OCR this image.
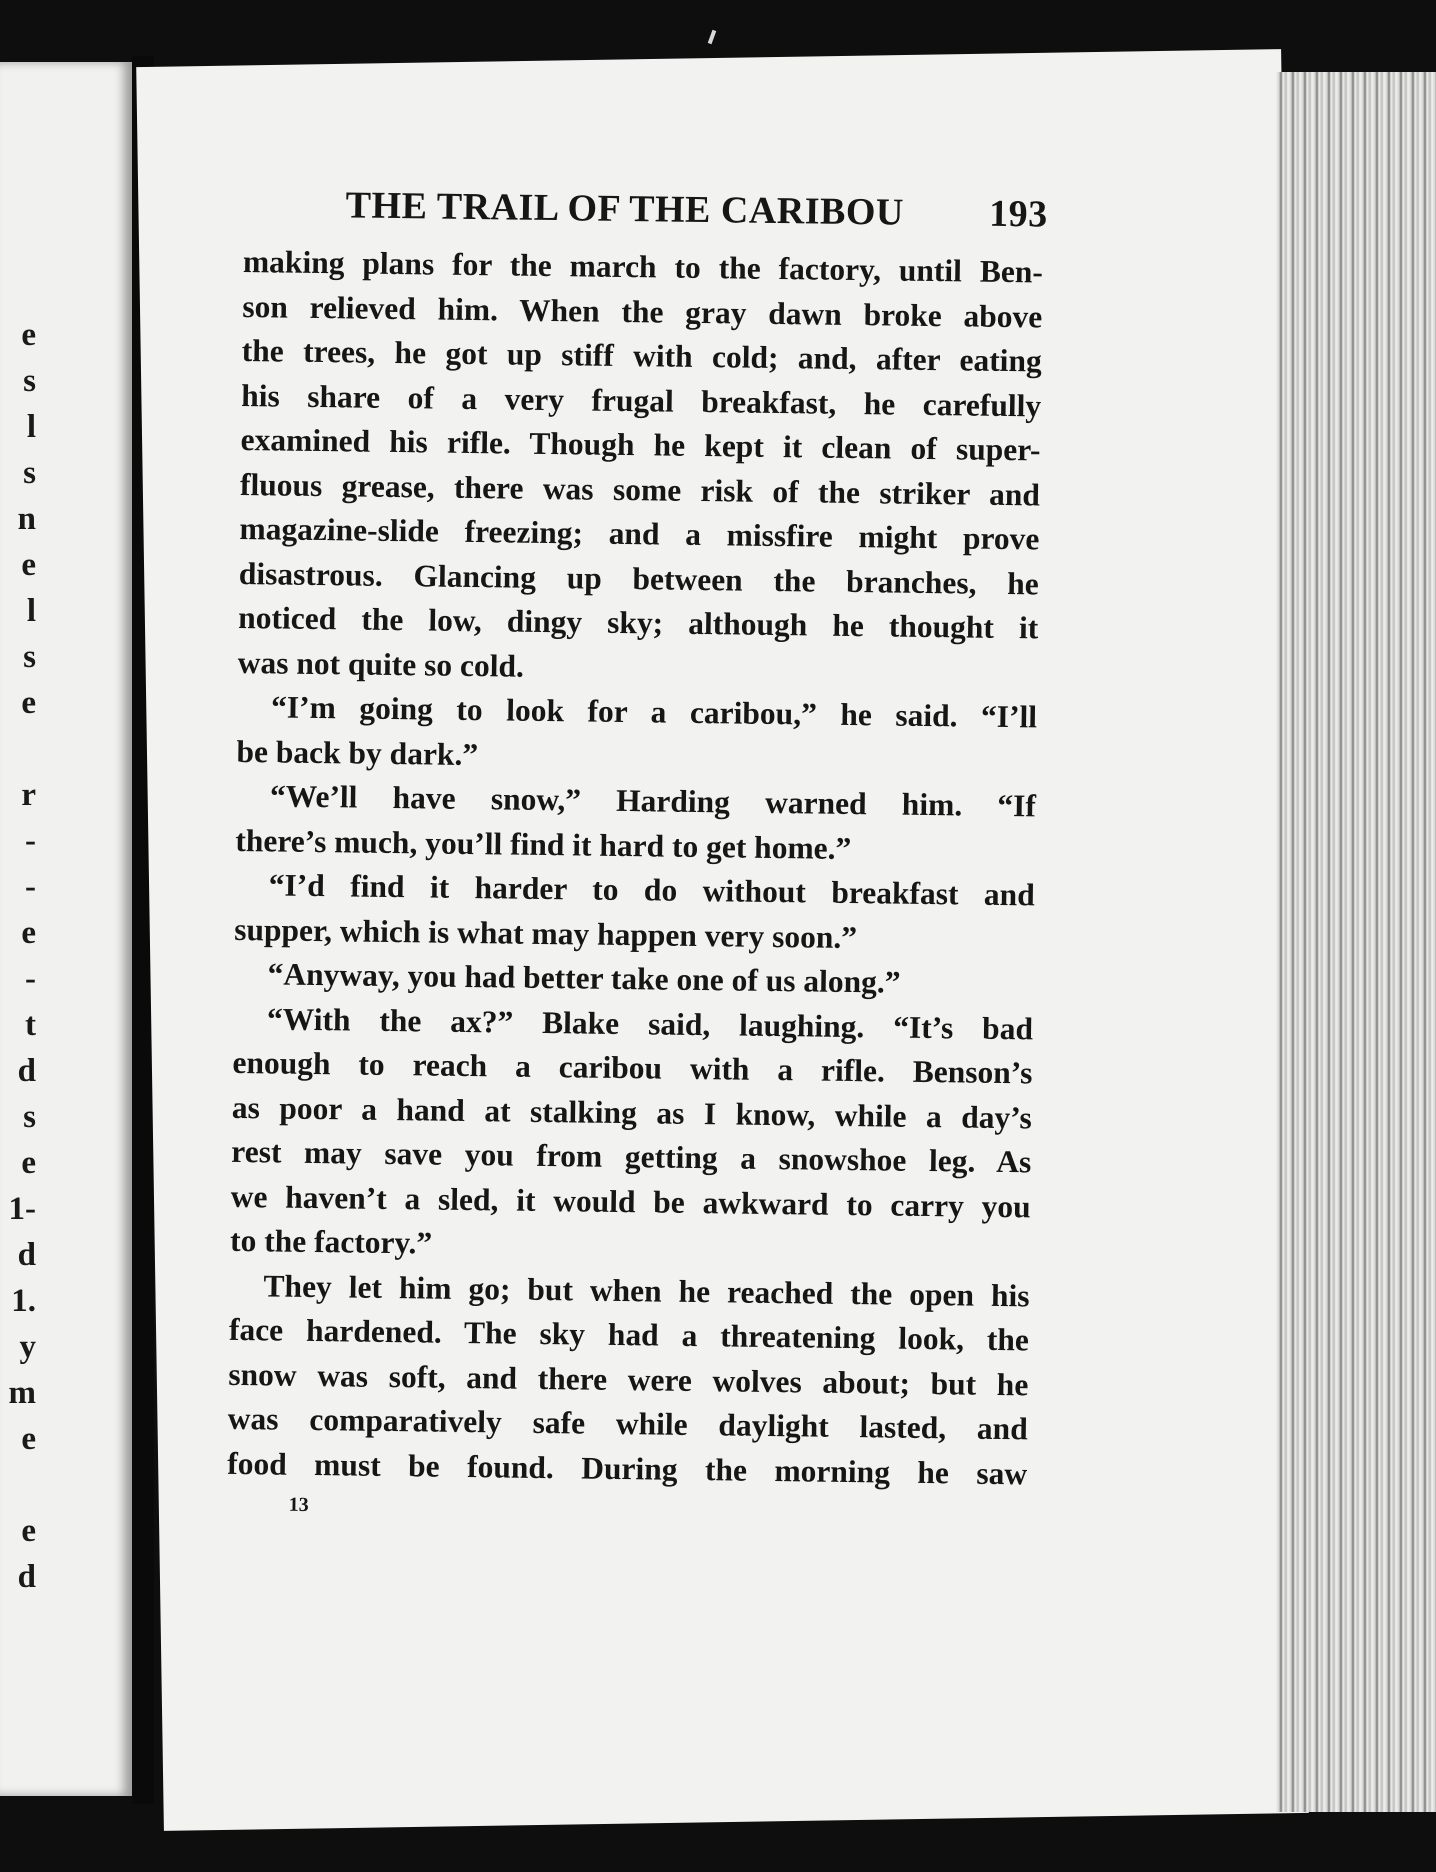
e
s
l
s
n
e
l
s
e
r
-
-
e
-
t
d
s
e
1-
d
1.
y
m
e
e
d
THE TRAIL OF THE CARIBOU 193
making plans for the march to the factory, until Ben-
son relieved him. When the gray dawn broke above
the trees, he got up stiff with cold; and, after eating
his share of a very frugal breakfast, he carefully
examined his rifle. Though he kept it clean of super-
fluous grease, there was some risk of the striker and
magazine-slide freezing; and a missfire might prove
disastrous. Glancing up between the branches, he
noticed the low, dingy sky; although he thought it
was not quite so cold.
“I’m going to look for a caribou,” he said. “I’ll
be back by dark.”
“We’ll have snow,” Harding warned him. “If
there’s much, you’ll find it hard to get home.”
“I’d find it harder to do without breakfast and
supper, which is what may happen very soon.”
“Anyway, you had better take one of us along.”
“With the ax?” Blake said, laughing. “It’s bad
enough to reach a caribou with a rifle. Benson’s
as poor a hand at stalking as I know, while a day’s
rest may save you from getting a snowshoe leg. As
we haven’t a sled, it would be awkward to carry you
to the factory.”
They let him go; but when he reached the open his
face hardened. The sky had a threatening look, the
snow was soft, and there were wolves about; but he
was comparatively safe while daylight lasted, and
food must be found. During the morning he saw
13
